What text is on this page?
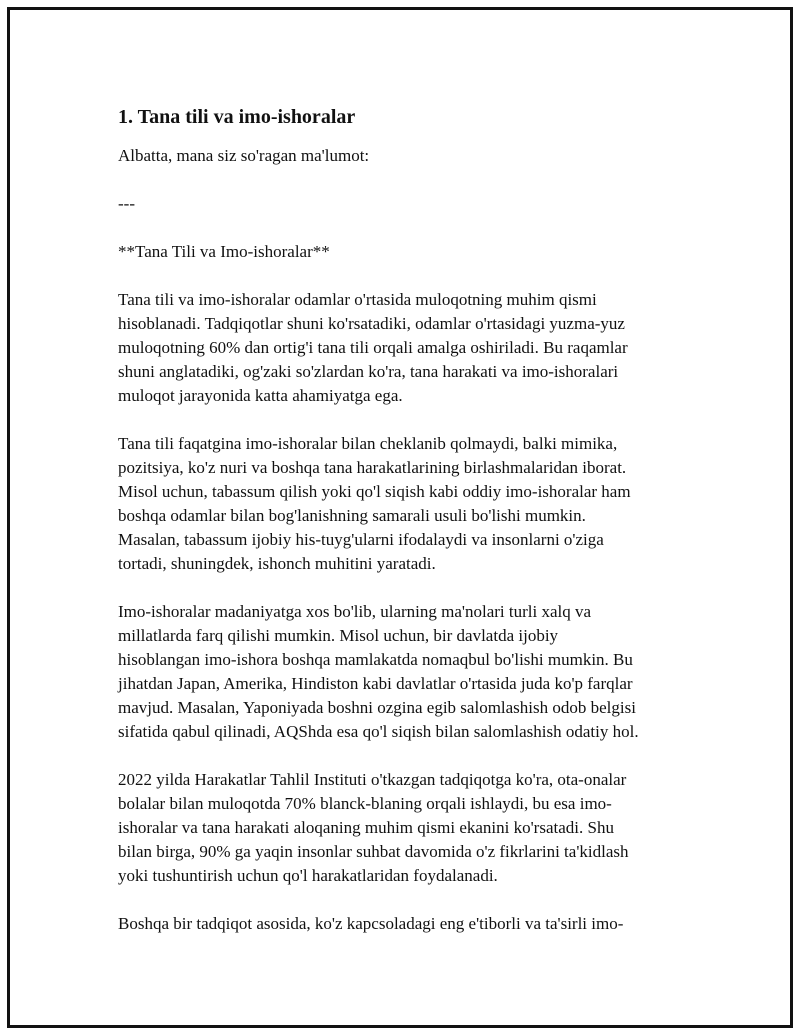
1. Tana tili va imo-ishoralar

Albatta, mana siz so'ragan ma'lumot:

---

**Tana Tili va Imo-ishoralar**

Tana tili va imo-ishoralar odamlar o'rtasida muloqotning muhim qismi
hisoblanadi. Tadqiqotlar shuni ko'rsatadiki, odamlar o'rtasidagi yuzma-yuz
muloqotning 60% dan ortig'i tana tili orqali amalga oshiriladi. Bu raqamlar
shuni anglatadiki, og'zaki so'zlardan ko'ra, tana harakati va imo-ishoralari
muloqot jarayonida katta ahamiyatga ega.

Tana tili faqatgina imo-ishoralar bilan cheklanib qolmaydi, balki mimika,
pozitsiya, ko'z nuri va boshqa tana harakatlarining birlashmalaridan iborat.
Misol uchun, tabassum qilish yoki qo'l siqish kabi oddiy imo-ishoralar ham
boshqa odamlar bilan bog'lanishning samarali usuli bo'lishi mumkin.
Masalan, tabassum ijobiy his-tuyg'ularni ifodalaydi va insonlarni o'ziga
tortadi, shuningdek, ishonch muhitini yaratadi.

Imo-ishoralar madaniyatga xos bo'lib, ularning ma'nolari turli xalq va
millatlarda farq qilishi mumkin. Misol uchun, bir davlatda ijobiy
hisoblangan imo-ishora boshqa mamlakatda nomaqbul bo'lishi mumkin. Bu
jihatdan Japan, Amerika, Hindiston kabi davlatlar o'rtasida juda ko'p farqlar
mavjud. Masalan, Yaponiyada boshni ozgina egib salomlashish odob belgisi
sifatida qabul qilinadi, AQShda esa qo'l siqish bilan salomlashish odatiy hol.

2022 yilda Harakatlar Tahlil Instituti o'tkazgan tadqiqotga ko'ra, ota-onalar
bolalar bilan muloqotda 70% blanck-blaning orqali ishlaydi, bu esa imo-
ishoralar va tana harakati aloqaning muhim qismi ekanini ko'rsatadi. Shu
bilan birga, 90% ga yaqin insonlar suhbat davomida o'z fikrlarini ta'kidlash
yoki tushuntirish uchun qo'l harakatlaridan foydalanadi.

Boshqa bir tadqiqot asosida, ko'z kapcsoladagi eng e'tiborli va ta'sirli imo-
